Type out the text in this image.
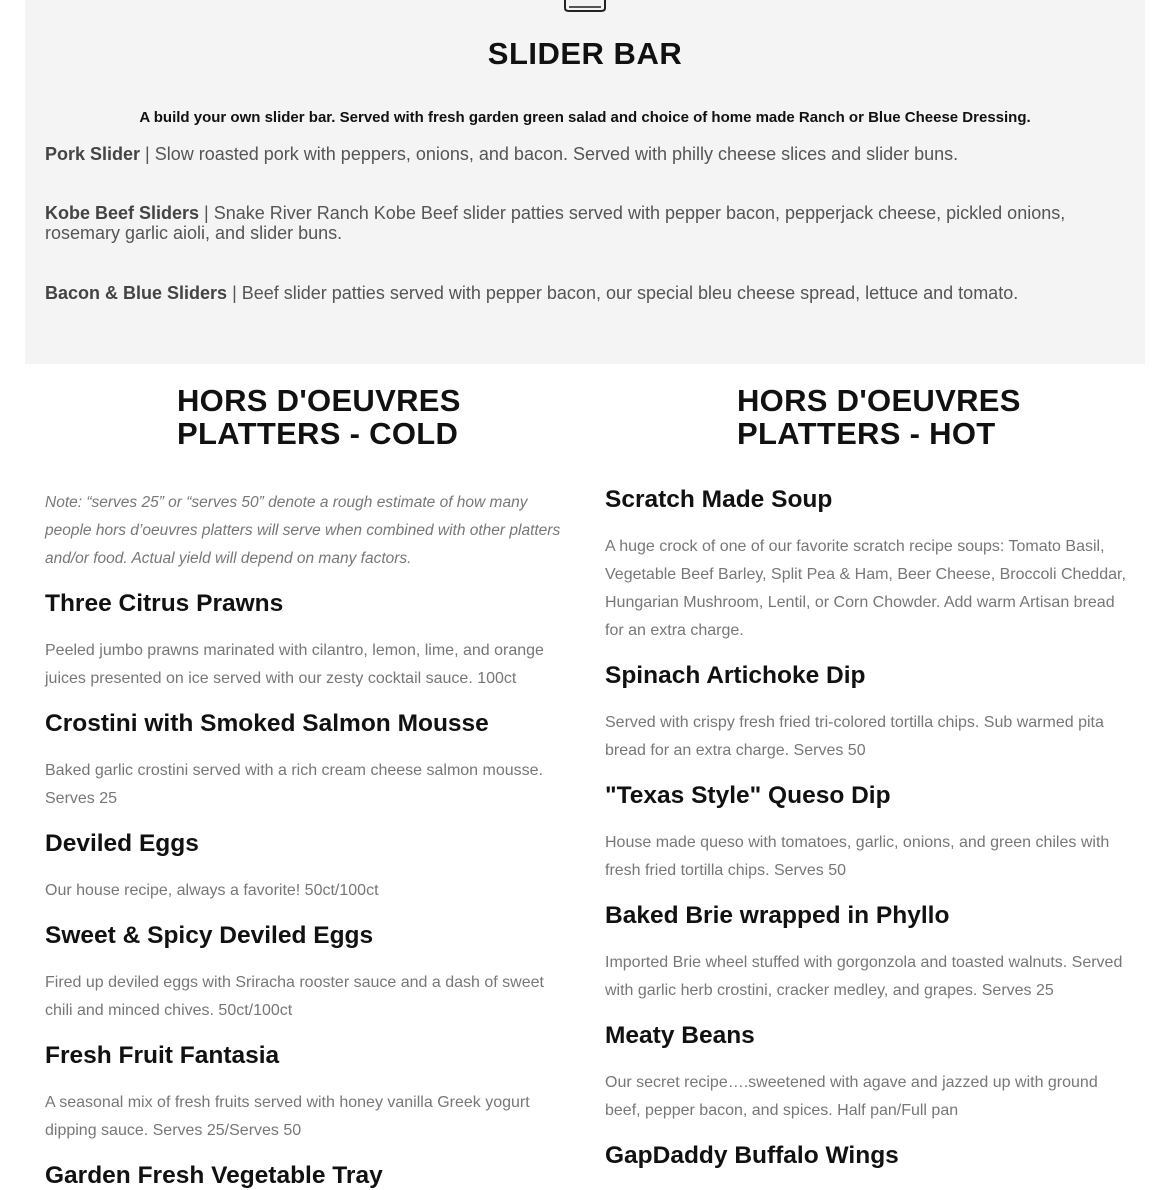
SLIDER BAR

A build your own slider bar. Served with fresh garden green salad and choice of home made Ranch or Blue Cheese Dressing.

Pork Slider | Slow roasted pork with peppers, onions, and bacon. Served with philly cheese slices and slider buns.

Kobe Beef Sliders | Snake River Ranch Kobe Beef slider patties served with pepper bacon, pepperjack cheese, pickled onions, rosemary garlic aioli, and slider buns.

Bacon & Blue Sliders | Beef slider patties served with pepper bacon, our special bleu cheese spread, lettuce and tomato.

HORS D'OEUVRES
PLATTERS - COLD
HORS D'OEUVRES
PLATTERS - HOT

Note: “serves 25” or “serves 50” denote a rough estimate of how many people hors d’oeuvres platters will serve when combined with other platters and/or food. Actual yield will depend on many factors.

Three Citrus Prawns

Peeled jumbo prawns marinated with cilantro, lemon, lime, and orange juices presented on ice served with our zesty cocktail sauce. 100ct

Crostini with Smoked Salmon Mousse

Baked garlic crostini served with a rich cream cheese salmon mousse. Serves 25

Deviled Eggs

Our house recipe, always a favorite! 50ct/100ct

Sweet & Spicy Deviled Eggs

Fired up deviled eggs with Sriracha rooster sauce and a dash of sweet chili and minced chives. 50ct/100ct

Fresh Fruit Fantasia

A seasonal mix of fresh fruits served with honey vanilla Greek yogurt dipping sauce. Serves 25/Serves 50

Garden Fresh Vegetable Tray
Scratch Made Soup

A huge crock of one of our favorite scratch recipe soups: Tomato Basil, Vegetable Beef Barley, Split Pea & Ham, Beer Cheese, Broccoli Cheddar, Hungarian Mushroom, Lentil, or Corn Chowder. Add warm Artisan bread for an extra charge.

Spinach Artichoke Dip

Served with crispy fresh fried tri-colored tortilla chips. Sub warmed pita bread for an extra charge. Serves 50

"Texas Style" Queso Dip

House made queso with tomatoes, garlic, onions, and green chiles with fresh fried tortilla chips. Serves 50

Baked Brie wrapped in Phyllo

Imported Brie wheel stuffed with gorgonzola and toasted walnuts. Served with garlic herb crostini, cracker medley, and grapes. Serves 25

Meaty Beans

Our secret recipe….sweetened with agave and jazzed up with ground beef, pepper bacon, and spices. Half pan/Full pan

GapDaddy Buffalo Wings
